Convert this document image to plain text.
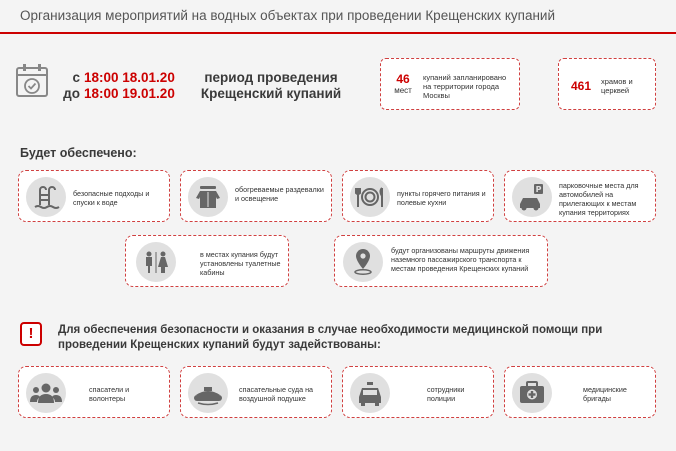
Организация мероприятий на водных объектах при проведении Крещенских купаний
с 18:00 18.01.20
до 18:00 19.01.20
период проведения
Крещенский купаний
46
мест
купаний запланировано на территории города Москвы
461 храмов и церквей
Будет обеспечено:
безопасные подходы и спуски к воде
обогреваемые раздевалки и освещение
пункты горячего питания и полевые кухни
P парковочные места для автомобилей на прилегающих к местам купания территориях
в местах купания будут установлены туалетные кабины
будут организованы маршруты движения наземного пассажирского транспорта к местам проведения Крещенских купаний
!	Для обеспечения безопасности и оказания в случае необходимости медицинской помощи при проведении Крещенских купаний будут задействованы:
спасатели и волонтеры
спасательные суда на воздушной подушке
сотрудники полиции
медицинские бригады
